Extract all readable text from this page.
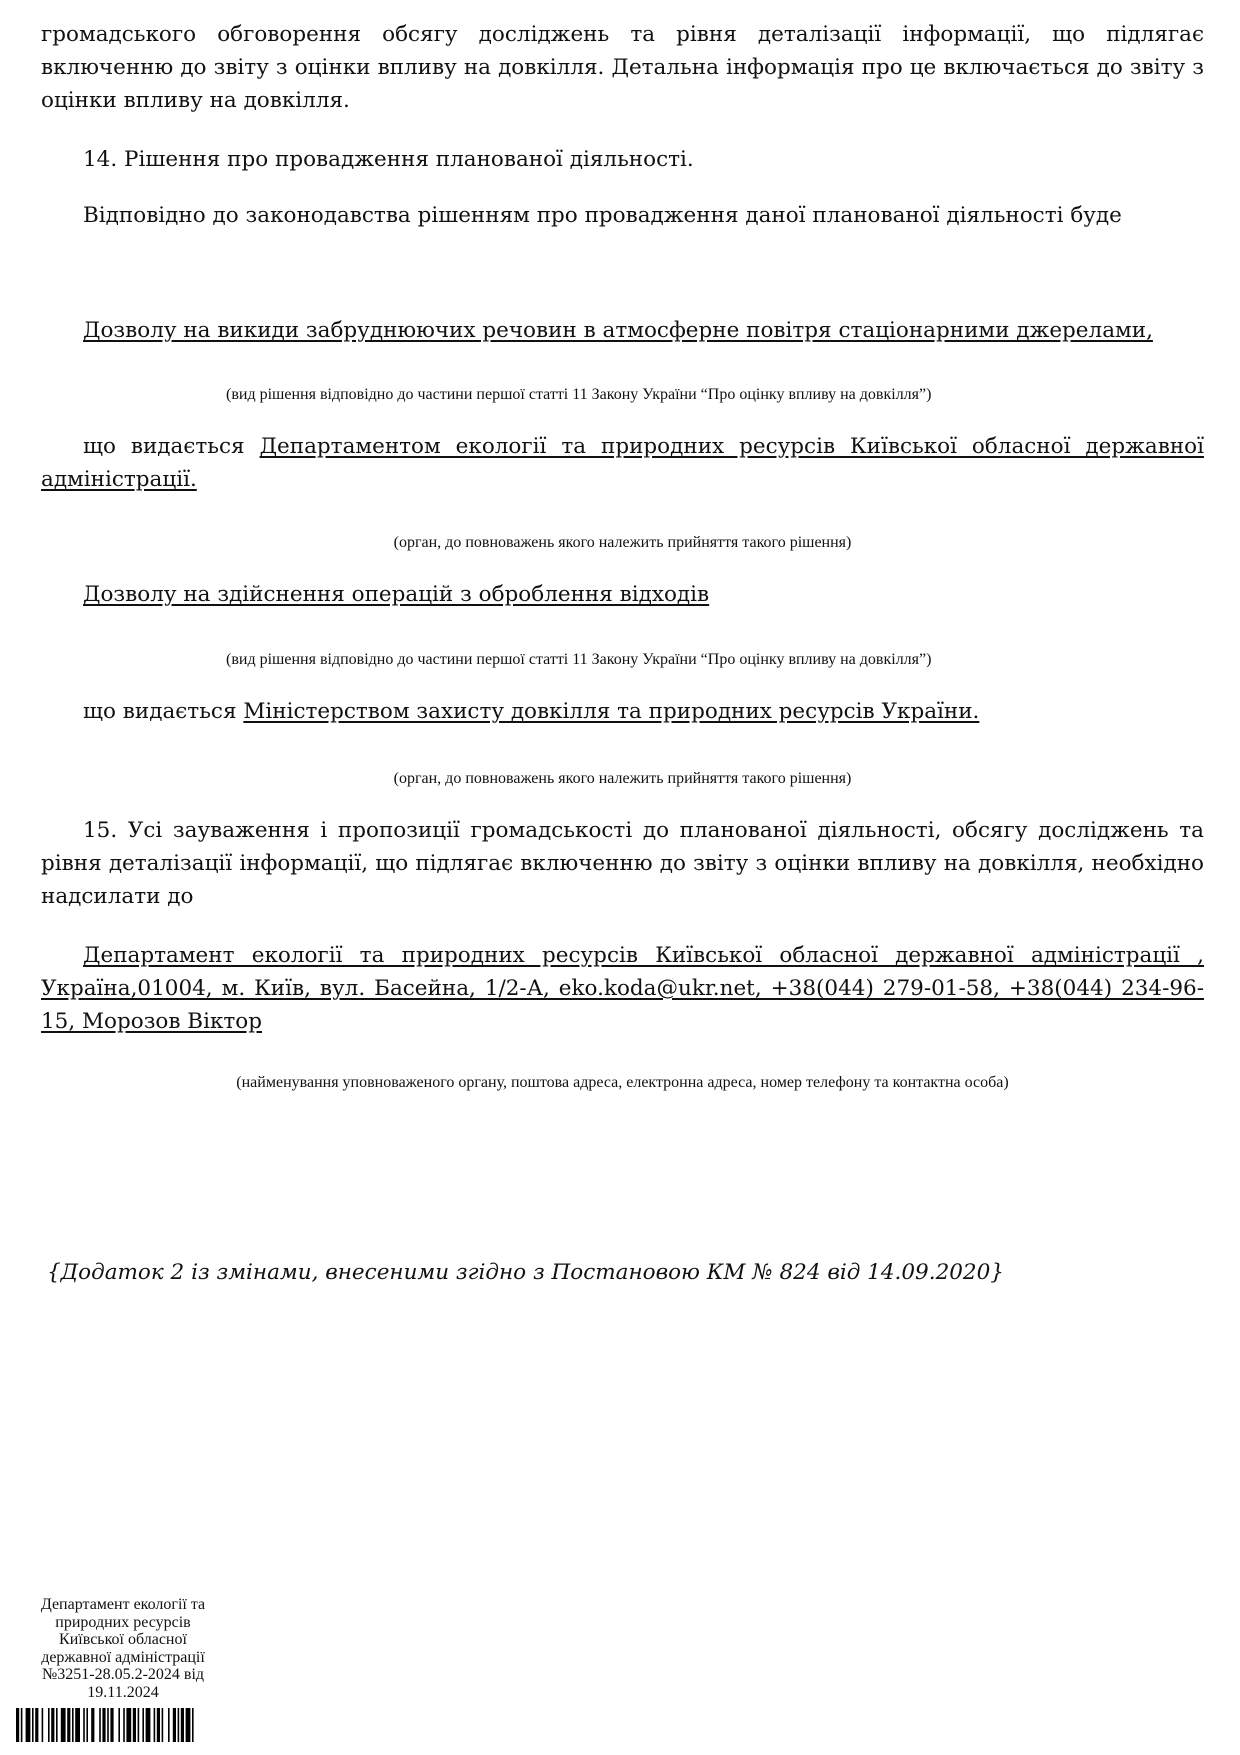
громадського обговорення обсягу досліджень та рівня деталізації інформації, що підлягає включенню до звіту з оцінки впливу на довкілля. Детальна інформація про це включається до звіту з оцінки впливу на довкілля.

14. Рішення про провадження планованої діяльності.

Відповідно до законодавства рішенням про провадження даної планованої діяльності буде

Дозволу на викиди забруднюючих речовин в атмосферне повітря стаціонарними джерелами,

(вид рішення відповідно до частини першої статті 11 Закону України “Про оцінку впливу на довкілля”)

що видається Департаментом екології та природних ресурсів Київської обласної державної адміністрації.

(орган, до повноважень якого належить прийняття такого рішення)

Дозволу на здійснення операцій з оброблення відходів

(вид рішення відповідно до частини першої статті 11 Закону України “Про оцінку впливу на довкілля”)

що видається Міністерством захисту довкілля та природних ресурсів України.

(орган, до повноважень якого належить прийняття такого рішення)

15. Усі зауваження і пропозиції громадськості до планованої діяльності, обсягу досліджень та рівня деталізації інформації, що підлягає включенню до звіту з оцінки впливу на довкілля, необхідно надсилати до

Департамент екології та природних ресурсів Київської обласної державної адміністрації , Україна,01004, м. Київ, вул. Басейна, 1/2-А, eko.koda@ukr.net, +38(044) 279-01-58, +38(044) 234-96-15, Морозов Віктор

(найменування уповноваженого органу, поштова адреса, електронна адреса, номер телефону та контактна особа)

{Додаток 2 із змінами, внесеними згідно з Постановою КМ № 824 від 14.09.2020}

Департамент екології та
природних ресурсів
Київської обласної
державної адміністрації
№3251-28.05.2-2024 від
19.11.2024
